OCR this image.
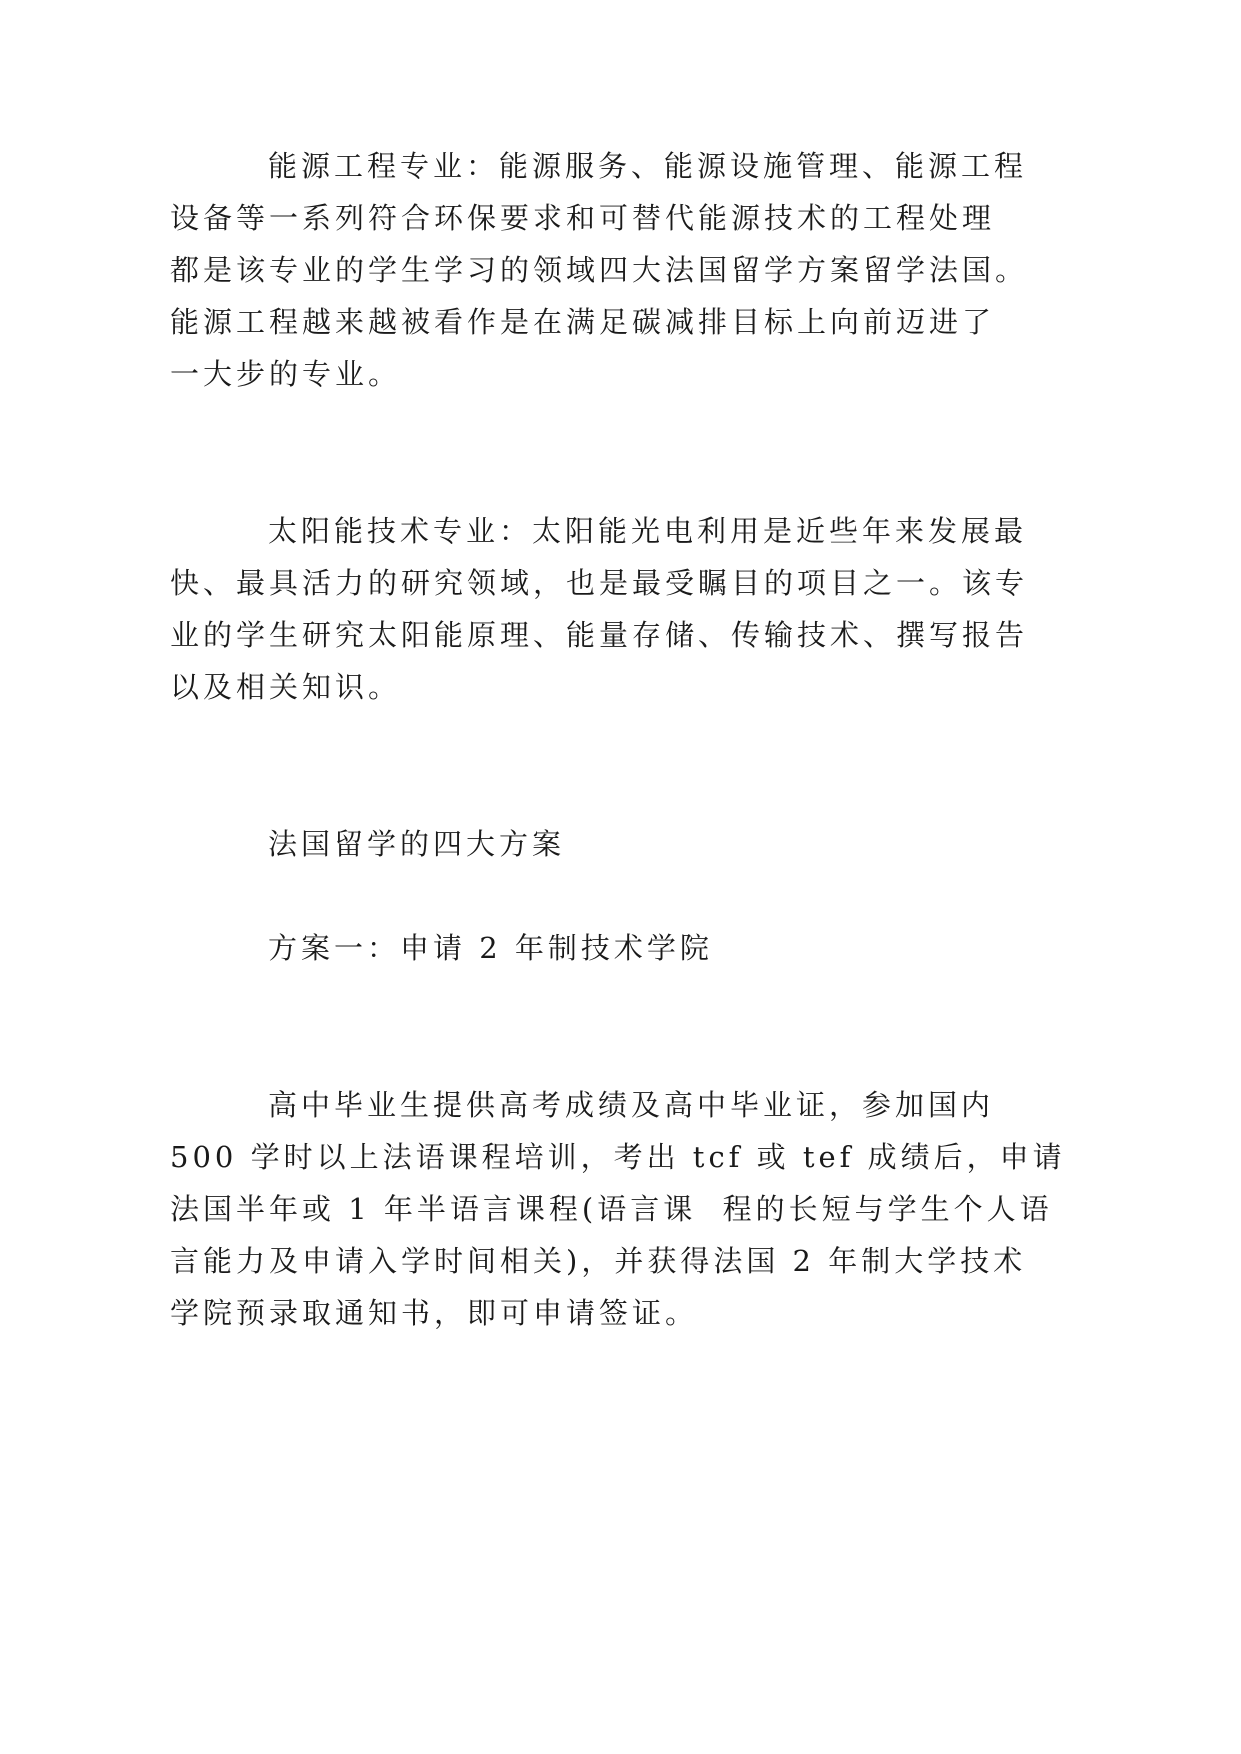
能源工程专业：能源服务、能源设施管理、能源工程
设备等一系列符合环保要求和可替代能源技术的工程处理
都是该专业的学生学习的领域四大法国留学方案留学法国。
能源工程越来越被看作是在满足碳减排目标上向前迈进了
一大步的专业。
太阳能技术专业：太阳能光电利用是近些年来发展最
快、最具活力的研究领域，也是最受瞩目的项目之一。该专
业的学生研究太阳能原理、能量存储、传输技术、撰写报告
以及相关知识。
法国留学的四大方案
方案一：申请 2 年制技术学院
高中毕业生提供高考成绩及高中毕业证，参加国内
500 学时以上法语课程培训，考出 tcf 或 tef 成绩后，申请
法国半年或 1 年半语言课程(语言课  程的长短与学生个人语
言能力及申请入学时间相关)，并获得法国 2 年制大学技术
学院预录取通知书，即可申请签证。
